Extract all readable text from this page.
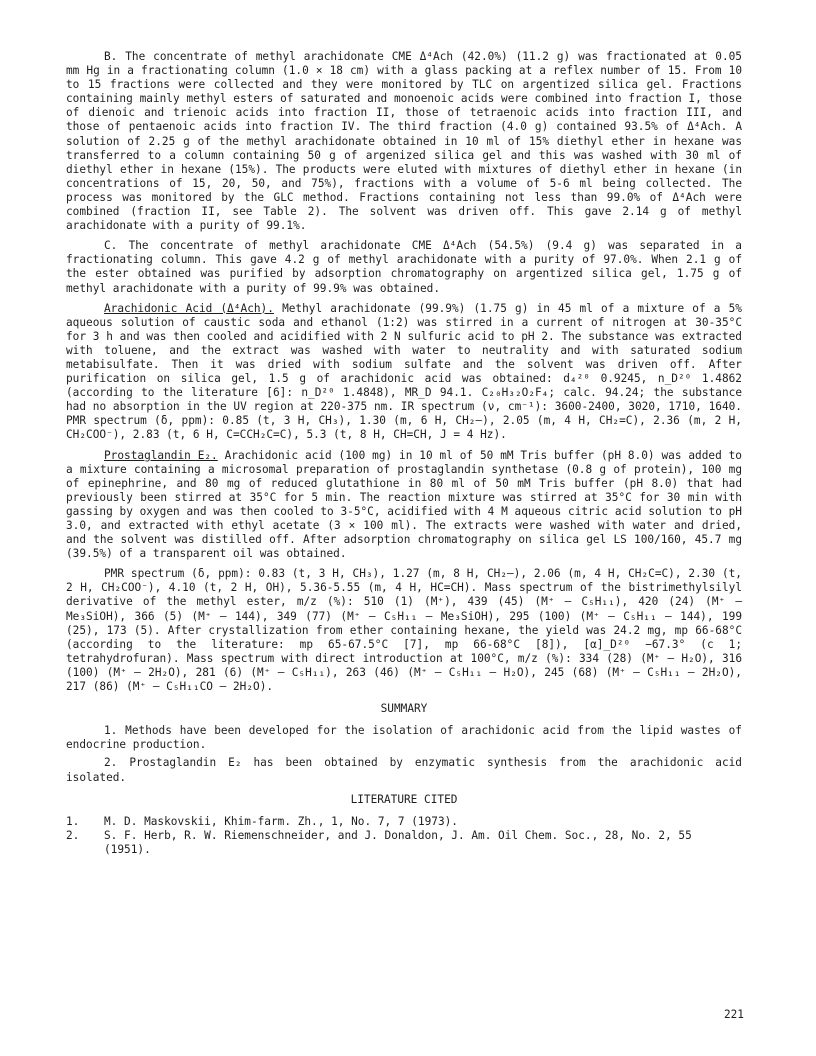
B. The concentrate of methyl arachidonate CME Δ⁴Ach (42.0%) (11.2 g) was fractionated at 0.05 mm Hg in a fractionating column (1.0 × 18 cm) with a glass packing at a reflex number of 15. From 10 to 15 fractions were collected and they were monitored by TLC on argentized silica gel. Fractions containing mainly methyl esters of saturated and monoenoic acids were combined into fraction I, those of dienoic and trienoic acids into fraction II, those of tetraenoic acids into fraction III, and those of pentaenoic acids into fraction IV. The third fraction (4.0 g) contained 93.5% of Δ⁴Ach. A solution of 2.25 g of the methyl arachidonate obtained in 10 ml of 15% diethyl ether in hexane was transferred to a column containing 50 g of argenized silica gel and this was washed with 30 ml of diethyl ether in hexane (15%). The products were eluted with mixtures of diethyl ether in hexane (in concentrations of 15, 20, 50, and 75%), fractions with a volume of 5-6 ml being collected. The process was monitored by the GLC method. Fractions containing not less than 99.0% of Δ⁴Ach were combined (fraction II, see Table 2). The solvent was driven off. This gave 2.14 g of methyl arachidonate with a purity of 99.1%.

C. The concentrate of methyl arachidonate CME Δ⁴Ach (54.5%) (9.4 g) was separated in a fractionating column. This gave 4.2 g of methyl arachidonate with a purity of 97.0%. When 2.1 g of the ester obtained was purified by adsorption chromatography on argentized silica gel, 1.75 g of methyl arachidonate with a purity of 99.9% was obtained.

Arachidonic Acid (Δ⁴Ach). Methyl arachidonate (99.9%) (1.75 g) in 45 ml of a mixture of a 5% aqueous solution of caustic soda and ethanol (1:2) was stirred in a current of nitrogen at 30-35°C for 3 h and was then cooled and acidified with 2 N sulfuric acid to pH 2. The substance was extracted with toluene, and the extract was washed with water to neutrality and with saturated sodium metabisulfate. Then it was dried with sodium sulfate and the solvent was driven off. After purification on silica gel, 1.5 g of arachidonic acid was obtained: d₄²⁰ 0.9245, n_D²⁰ 1.4862 (according to the literature [6]: n_D²⁰ 1.4848), MR_D 94.1. C₂₀H₃₂O₂F₄; calc. 94.24; the substance had no absorption in the UV region at 220-375 nm. IR spectrum (ν, cm⁻¹): 3600-2400, 3020, 1710, 1640. PMR spectrum (δ, ppm): 0.85 (t, 3 H, CH₃), 1.30 (m, 6 H, CH₂—), 2.05 (m, 4 H, CH₂=C), 2.36 (m, 2 H, CH₂COO⁻), 2.83 (t, 6 H, C=CCH₂C=C), 5.3 (t, 8 H, CH=CH, J = 4 Hz).

Prostaglandin E₂. Arachidonic acid (100 mg) in 10 ml of 50 mM Tris buffer (pH 8.0) was added to a mixture containing a microsomal preparation of prostaglandin synthetase (0.8 g of protein), 100 mg of epinephrine, and 80 mg of reduced glutathione in 80 ml of 50 mM Tris buffer (pH 8.0) that had previously been stirred at 35°C for 5 min. The reaction mixture was stirred at 35°C for 30 min with gassing by oxygen and was then cooled to 3-5°C, acidified with 4 M aqueous citric acid solution to pH 3.0, and extracted with ethyl acetate (3 × 100 ml). The extracts were washed with water and dried, and the solvent was distilled off. After adsorption chromatography on silica gel LS 100/160, 45.7 mg (39.5%) of a transparent oil was obtained.

PMR spectrum (δ, ppm): 0.83 (t, 3 H, CH₃), 1.27 (m, 8 H, CH₂—), 2.06 (m, 4 H, CH₂C=C), 2.30 (t, 2 H, CH₂COO⁻), 4.10 (t, 2 H, OH), 5.36-5.55 (m, 4 H, HC=CH). Mass spectrum of the bistrimethylsilyl derivative of the methyl ester, m/z (%): 510 (1) (M⁺), 439 (45) (M⁺ — C₅H₁₁), 420 (24) (M⁺ — Me₃SiOH), 366 (5) (M⁺ — 144), 349 (77) (M⁺ — C₅H₁₁ — Me₃SiOH), 295 (100) (M⁺ — C₅H₁₁ — 144), 199 (25), 173 (5). After crystallization from ether containing hexane, the yield was 24.2 mg, mp 66-68°C (according to the literature: mp 65-67.5°C [7], mp 66-68°C [8]), [α]_D²⁰ −67.3° (c 1; tetrahydrofuran). Mass spectrum with direct introduction at 100°C, m/z (%): 334 (28) (M⁺ — H₂O), 316 (100) (M⁺ — 2H₂O), 281 (6) (M⁺ — C₅H₁₁), 263 (46) (M⁺ — C₅H₁₁ — H₂O), 245 (68) (M⁺ — C₅H₁₁ — 2H₂O), 217 (86) (M⁺ — C₅H₁₁CO — 2H₂O).

SUMMARY

1. Methods have been developed for the isolation of arachidonic acid from the lipid wastes of endocrine production.

2. Prostaglandin E₂ has been obtained by enzymatic synthesis from the arachidonic acid isolated.

LITERATURE CITED
1.	M. D. Maskovskii, Khim-farm. Zh., 1, No. 7, 7 (1973).
2.	S. F. Herb, R. W. Riemenschneider, and J. Donaldon, J. Am. Oil Chem. Soc., 28, No. 2, 55 (1951).
221
